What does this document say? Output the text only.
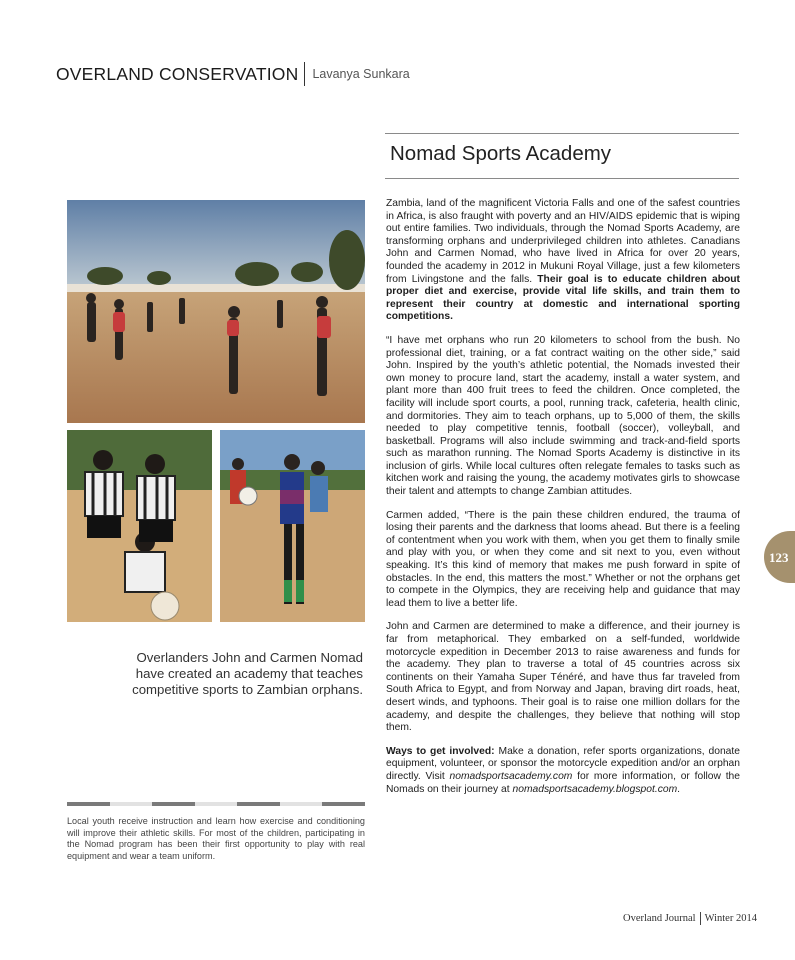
OVERLAND CONSERVATION Lavanya Sunkara
Nomad Sports Academy

Zambia, land of the magnificent Victoria Falls and one of the safest countries in Africa, is also fraught with poverty and an HIV/AIDS epidemic that is wiping out entire families. Two individuals, through the Nomad Sports Academy, are transforming orphans and underprivileged children into athletes. Canadians John and Carmen Nomad, who have lived in Africa for over 20 years, founded the academy in 2012 in Mukuni Royal Village, just a few kilometers from Livingstone and the falls. Their goal is to educate children about proper diet and exercise, provide vital life skills, and train them to represent their country at domestic and international sporting competitions.

“I have met orphans who run 20 kilometers to school from the bush. No professional diet, training, or a fat contract waiting on the other side,” said John. Inspired by the youth’s athletic potential, the Nomads invested their own money to procure land, start the academy, install a water system, and plant more than 400 fruit trees to feed the children. Once completed, the facility will include sport courts, a pool, running track, cafeteria, health clinic, and dormitories. They aim to teach orphans, up to 5,000 of them, the skills needed to play competitive tennis, football (soccer), volleyball, and basketball. Programs will also include swimming and track-and-field sports such as marathon running. The Nomad Sports Academy is distinctive in its inclusion of girls. While local cultures often relegate females to tasks such as kitchen work and raising the young, the academy motivates girls to showcase their talent and attempts to change Zambian attitudes.

Carmen added, “There is the pain these children endured, the trauma of losing their parents and the darkness that looms ahead. But there is a feeling of contentment when you work with them, when you get them to finally smile and play with you, or when they come and sit next to you, even without speaking. It’s this kind of memory that makes me push forward in spite of obstacles. In the end, this matters the most.” Whether or not the orphans get to compete in the Olympics, they are receiving help and guidance that may lead them to live a better life.

John and Carmen are determined to make a difference, and their journey is far from metaphorical. They embarked on a self-funded, worldwide motorcycle expedition in December 2013 to raise awareness and funds for the academy. They plan to traverse a total of 45 countries across six continents on their Yamaha Super Ténéré, and have thus far traveled from South Africa to Egypt, and from Norway and Japan, braving dirt roads, heat, desert winds, and typhoons. Their goal is to raise one million dollars for the academy, and despite the challenges, they believe that nothing will stop them.

Ways to get involved: Make a donation, refer sports organizations, donate equipment, volunteer, or sponsor the motorcycle expedition and/or an orphan directly. Visit nomadsportsacademy.com for more information, or follow the Nomads on their journey at nomadsportsacademy.blogspot.com.

Overlanders John and Carmen Nomad have created an academy that teaches competitive sports to Zambian orphans.
Local youth receive instruction and learn how exercise and conditioning will improve their athletic skills. For most of the children, participating in the Nomad program has been their first opportunity to play with real equipment and wear a team uniform.
123
Overland Journal Winter 2014
